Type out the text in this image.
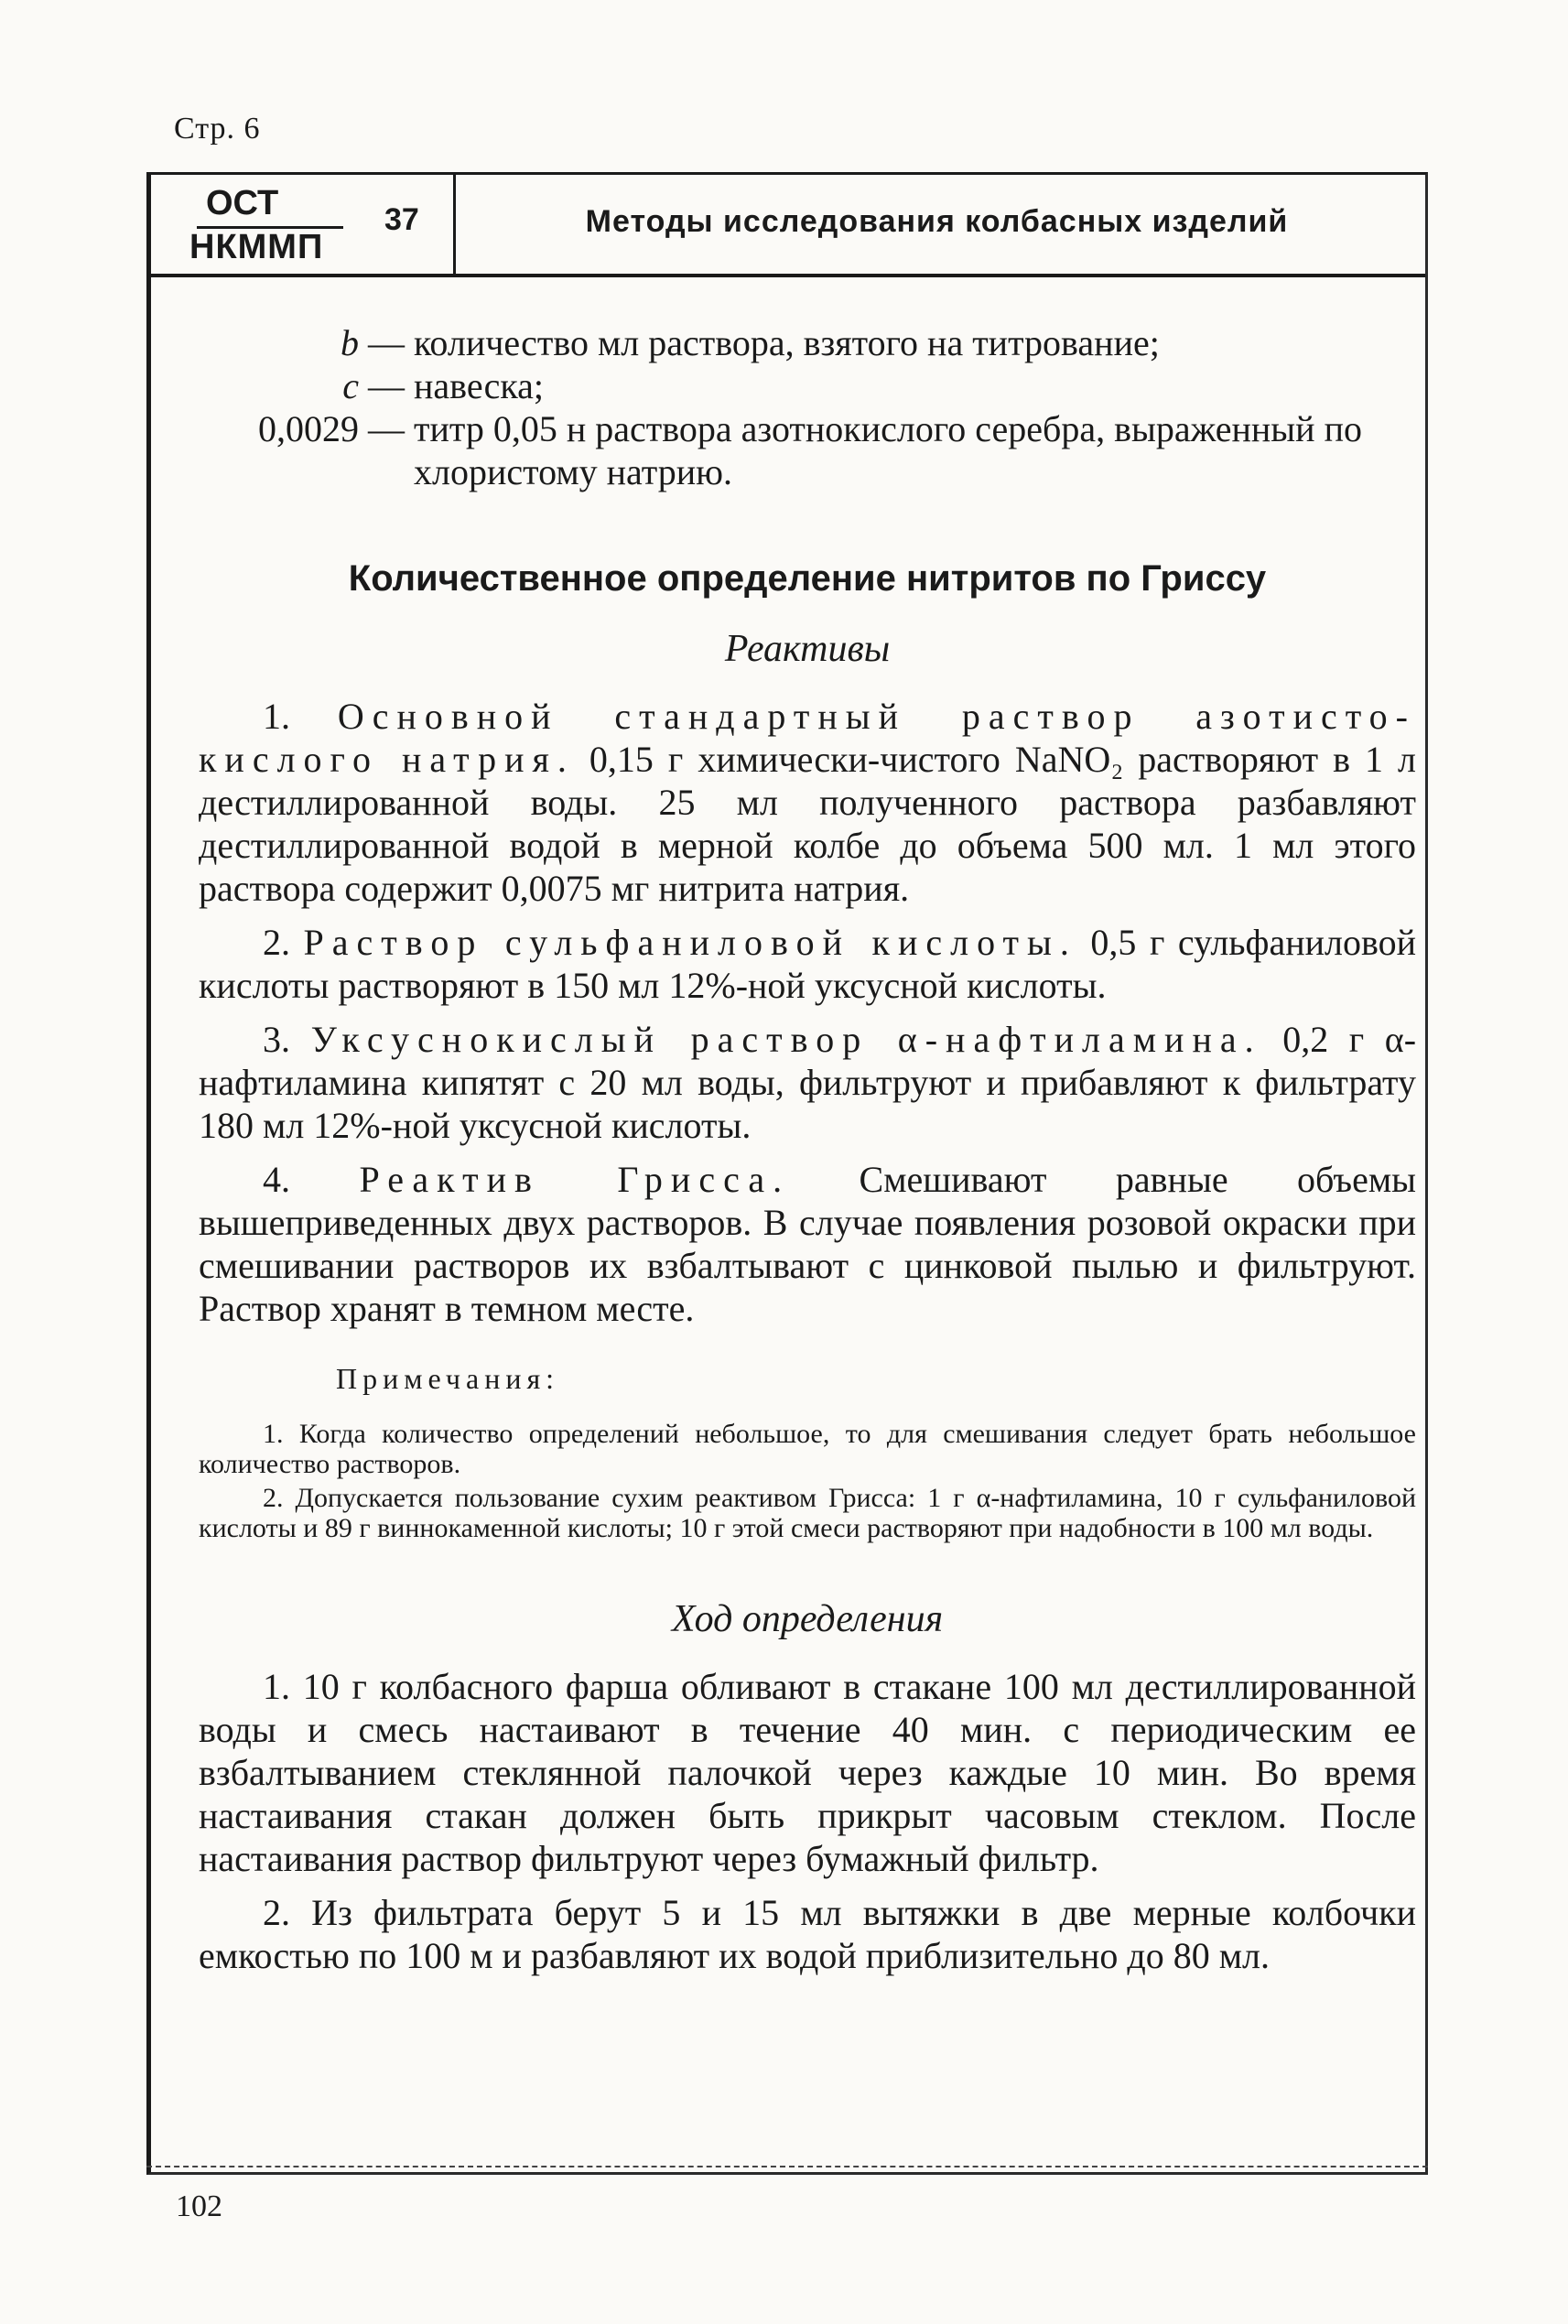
Стр. 6
ОСТ
НКММП
37	Методы исследования колбасных изделий
b — количество мл раствора, взятого на титрование;
c — навеска;
0,0029 — титр 0,05 н раствора азотнокислого серебра, выраженный по хлористому натрию.
Количественное определение нитритов по Гриссу
Реактивы

1. Основной стандартный раствор азотисто-кислого натрия. 0,15 г химически-чистого NaNO₂ растворяют в 1 л дестиллированной воды. 25 мл полученного раствора разбавляют дестиллированной водой в мерной колбе до объема 500 мл. 1 мл этого раствора содержит 0,0075 мг нитрита натрия.

2. Раствор сульфаниловой кислоты. 0,5 г сульфаниловой кислоты растворяют в 150 мл 12%-ной уксусной кислоты.

3. Уксуснокислый раствор α-нафтиламина. 0,2 г α-нафтиламина кипятят с 20 мл воды, фильтруют и прибавляют к фильтрату 180 мл 12%-ной уксусной кислоты.

4. Реактив Грисса. Смешивают равные объемы вышеприведенных двух растворов. В случае появления розовой окраски при смешивании растворов их взбалтывают с цинковой пылью и фильтруют. Раствор хранят в темном месте.

Примечания:

1. Когда количество определений небольшое, то для смешивания следует брать небольшое количество растворов.

2. Допускается пользование сухим реактивом Грисса: 1 г α-нафтиламина, 10 г сульфаниловой кислоты и 89 г виннокаменной кислоты; 10 г этой смеси растворяют при надобности в 100 мл воды.

Ход определения

1. 10 г колбасного фарша обливают в стакане 100 мл дестиллированной воды и смесь настаивают в течение 40 мин. с периодическим ее взбалтыванием стеклянной палочкой через каждые 10 мин. Во время настаивания стакан должен быть прикрыт часовым стеклом. После настаивания раствор фильтруют через бумажный фильтр.

2. Из фильтрата берут 5 и 15 мл вытяжки в две мерные колбочки емкостью по 100 м и разбавляют их водой приблизительно до 80 мл.

102
